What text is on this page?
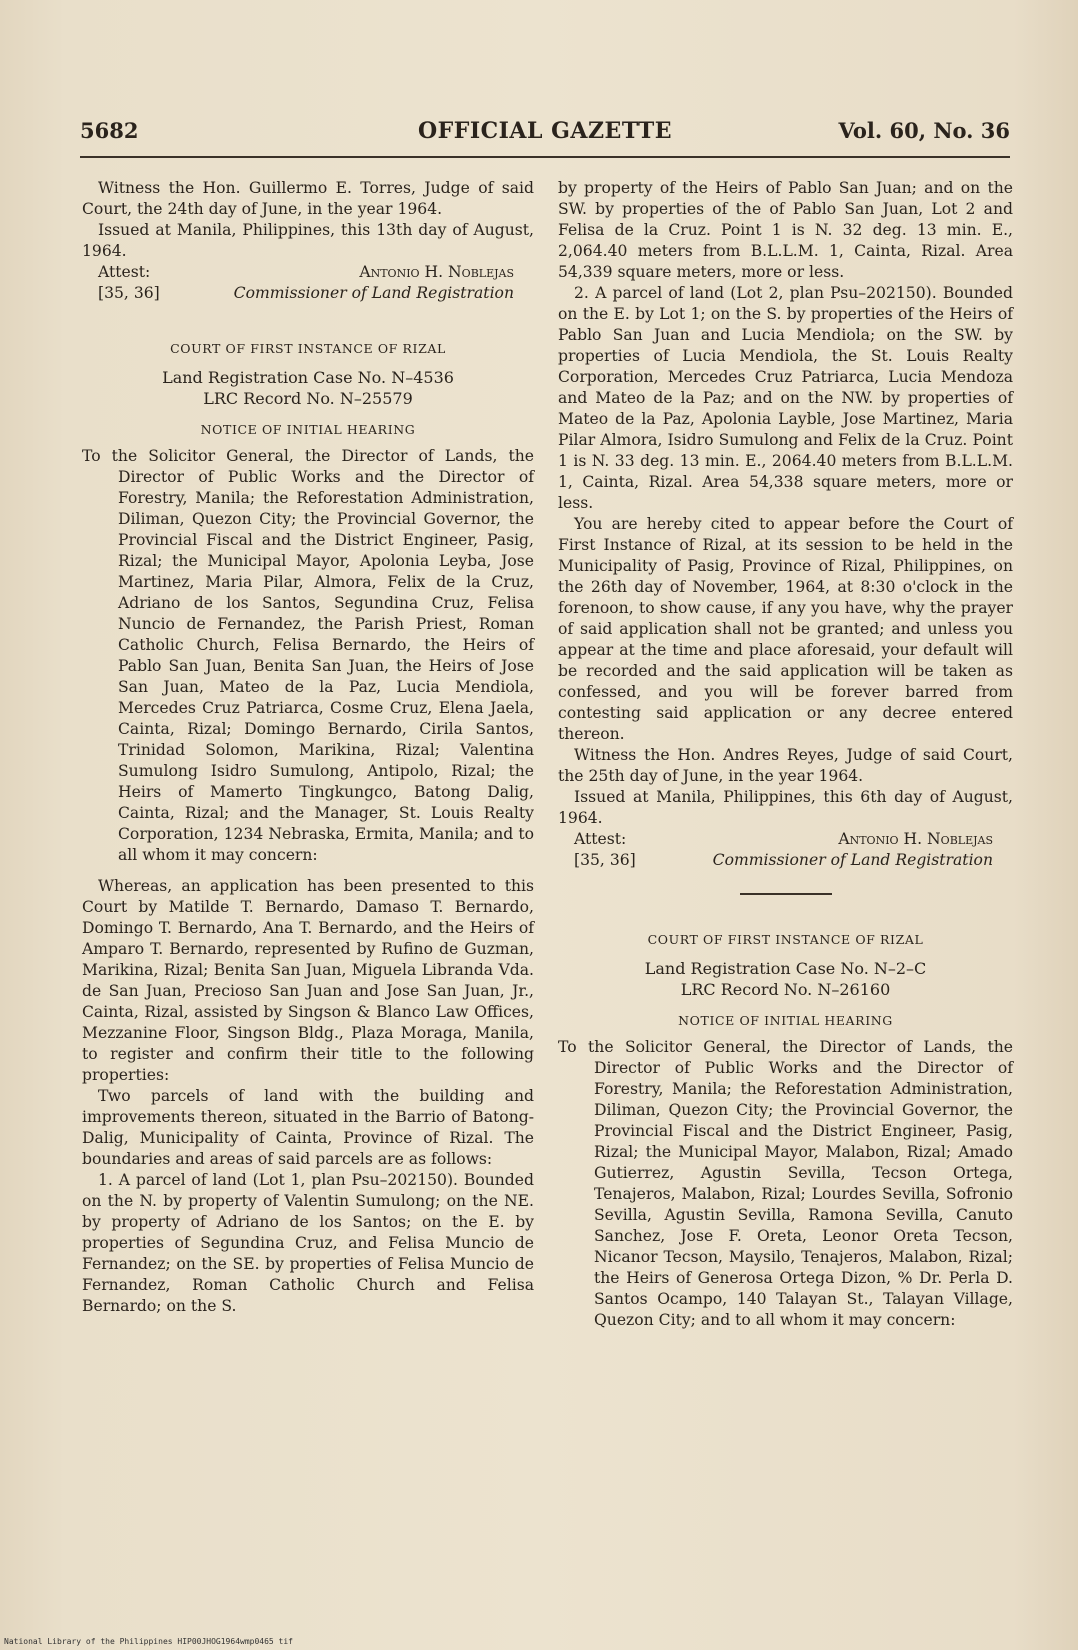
5682	OFFICIAL GAZETTE	Vol. 60, No. 36

Witness the Hon. Guillermo E. Torres, Judge of said Court, the 24th day of June, in the year 1964.

Issued at Manila, Philippines, this 13th day of August, 1964.

Attest:	Antonio H. Noblejas
[35, 36]	Commissioner of Land Registration
COURT OF FIRST INSTANCE OF RIZAL
Land Registration Case No. N–4536
LRC Record No. N–25579
NOTICE OF INITIAL HEARING

To the Solicitor General, the Director of Lands, the Director of Public Works and the Director of Forestry, Manila; the Reforestation Administration, Diliman, Quezon City; the Provincial Governor, the Provincial Fiscal and the District Engineer, Pasig, Rizal; the Municipal Mayor, Apolonia Leyba, Jose Martinez, Maria Pilar, Almora, Felix de la Cruz, Adriano de los Santos, Segundina Cruz, Felisa Nuncio de Fernandez, the Parish Priest, Roman Catholic Church, Felisa Bernardo, the Heirs of Pablo San Juan, Benita San Juan, the Heirs of Jose San Juan, Mateo de la Paz, Lucia Mendiola, Mercedes Cruz Patriarca, Cosme Cruz, Elena Jaela, Cainta, Rizal; Domingo Bernardo, Cirila Santos, Trinidad Solomon, Marikina, Rizal; Valentina Sumulong Isidro Sumulong, Antipolo, Rizal; the Heirs of Mamerto Tingkungco, Batong Dalig, Cainta, Rizal; and the Manager, St. Louis Realty Corporation, 1234 Nebraska, Ermita, Manila; and to all whom it may concern:

Whereas, an application has been presented to this Court by Matilde T. Bernardo, Damaso T. Bernardo, Domingo T. Bernardo, Ana T. Bernardo, and the Heirs of Amparo T. Bernardo, represented by Rufino de Guzman, Marikina, Rizal; Benita San Juan, Miguela Libranda Vda. de San Juan, Precioso San Juan and Jose San Juan, Jr., Cainta, Rizal, assisted by Singson & Blanco Law Offices, Mezzanine Floor, Singson Bldg., Plaza Moraga, Manila, to register and confirm their title to the following properties:

Two parcels of land with the building and improvements thereon, situated in the Barrio of Batong-Dalig, Municipality of Cainta, Province of Rizal. The boundaries and areas of said parcels are as follows:

1. A parcel of land (Lot 1, plan Psu–202150). Bounded on the N. by property of Valentin Sumulong; on the NE. by property of Adriano de los Santos; on the E. by properties of Segundina Cruz, and Felisa Muncio de Fernandez; on the SE. by properties of Felisa Muncio de Fernandez, Roman Catholic Church and Felisa Bernardo; on the S.

by property of the Heirs of Pablo San Juan; and on the SW. by properties of the of Pablo San Juan, Lot 2 and Felisa de la Cruz. Point 1 is N. 32 deg. 13 min. E., 2,064.40 meters from B.L.L.M. 1, Cainta, Rizal. Area 54,339 square meters, more or less.

2. A parcel of land (Lot 2, plan Psu–202150). Bounded on the E. by Lot 1; on the S. by properties of the Heirs of Pablo San Juan and Lucia Mendiola; on the SW. by properties of Lucia Mendiola, the St. Louis Realty Corporation, Mercedes Cruz Patriarca, Lucia Mendoza and Mateo de la Paz; and on the NW. by properties of Mateo de la Paz, Apolonia Layble, Jose Martinez, Maria Pilar Almora, Isidro Sumulong and Felix de la Cruz. Point 1 is N. 33 deg. 13 min. E., 2064.40 meters from B.L.L.M. 1, Cainta, Rizal. Area 54,338 square meters, more or less.

You are hereby cited to appear before the Court of First Instance of Rizal, at its session to be held in the Municipality of Pasig, Province of Rizal, Philippines, on the 26th day of November, 1964, at 8:30 o'clock in the forenoon, to show cause, if any you have, why the prayer of said application shall not be granted; and unless you appear at the time and place aforesaid, your default will be recorded and the said application will be taken as confessed, and you will be forever barred from contesting said application or any decree entered thereon.

Witness the Hon. Andres Reyes, Judge of said Court, the 25th day of June, in the year 1964.

Issued at Manila, Philippines, this 6th day of August, 1964.

Attest:	Antonio H. Noblejas
[35, 36]	Commissioner of Land Registration
COURT OF FIRST INSTANCE OF RIZAL
Land Registration Case No. N–2–C
LRC Record No. N–26160
NOTICE OF INITIAL HEARING

To the Solicitor General, the Director of Lands, the Director of Public Works and the Director of Forestry, Manila; the Reforestation Administration, Diliman, Quezon City; the Provincial Governor, the Provincial Fiscal and the District Engineer, Pasig, Rizal; the Municipal Mayor, Malabon, Rizal; Amado Gutierrez, Agustin Sevilla, Tecson Ortega, Tenajeros, Malabon, Rizal; Lourdes Sevilla, Sofronio Sevilla, Agustin Sevilla, Ramona Sevilla, Canuto Sanchez, Jose F. Oreta, Leonor Oreta Tecson, Nicanor Tecson, Maysilo, Tenajeros, Malabon, Rizal; the Heirs of Generosa Ortega Dizon, % Dr. Perla D. Santos Ocampo, 140 Talayan St., Talayan Village, Quezon City; and to all whom it may concern:

National Library of the Philippines HIP00JHOG1964wmp0465 tif
